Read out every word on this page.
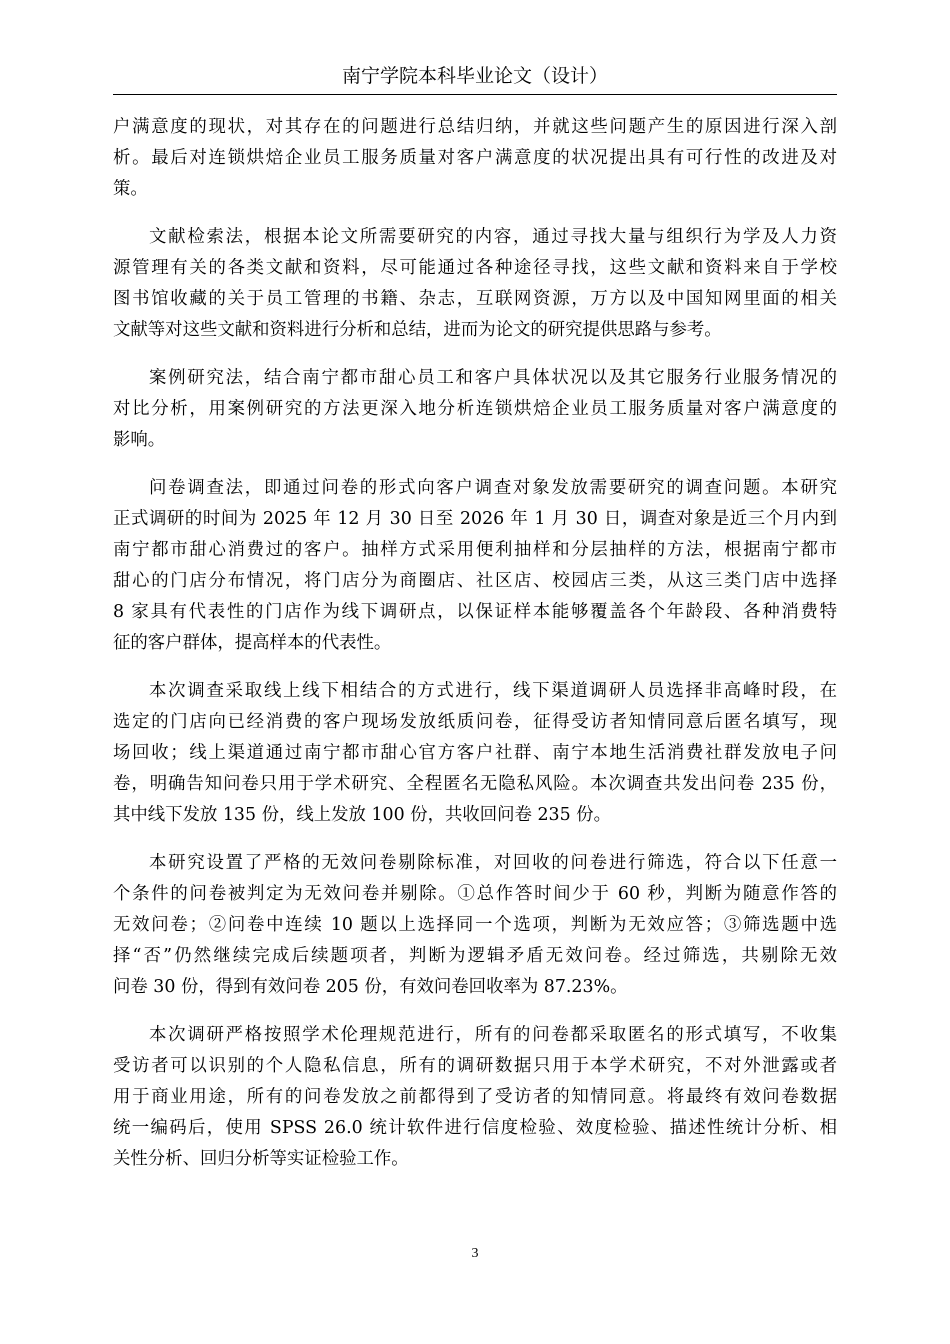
南宁学院本科毕业论文（设计）

户满意度的现状，对其存在的问题进行总结归纳，并就这些问题产生的原因进行深入剖
析。最后对连锁烘焙企业员工服务质量对客户满意度的状况提出具有可行性的改进及对
策。

文献检索法，根据本论文所需要研究的内容，通过寻找大量与组织行为学及人力资
源管理有关的各类文献和资料，尽可能通过各种途径寻找，这些文献和资料来自于学校
图书馆收藏的关于员工管理的书籍、杂志，互联网资源，万方以及中国知网里面的相关
文献等对这些文献和资料进行分析和总结，进而为论文的研究提供思路与参考。

案例研究法，结合南宁都市甜心员工和客户具体状况以及其它服务行业服务情况的
对比分析，用案例研究的方法更深入地分析连锁烘焙企业员工服务质量对客户满意度的
影响。

问卷调查法，即通过问卷的形式向客户调查对象发放需要研究的调查问题。本研究
正式调研的时间为 2025 年 12 月 30 日至 2026 年 1 月 30 日，调查对象是近三个月内到
南宁都市甜心消费过的客户。抽样方式采用便利抽样和分层抽样的方法，根据南宁都市
甜心的门店分布情况，将门店分为商圈店、社区店、校园店三类，从这三类门店中选择
8 家具有代表性的门店作为线下调研点，以保证样本能够覆盖各个年龄段、各种消费特
征的客户群体，提高样本的代表性。

本次调查采取线上线下相结合的方式进行，线下渠道调研人员选择非高峰时段，在
选定的门店向已经消费的客户现场发放纸质问卷，征得受访者知情同意后匿名填写，现
场回收；线上渠道通过南宁都市甜心官方客户社群、南宁本地生活消费社群发放电子问
卷，明确告知问卷只用于学术研究、全程匿名无隐私风险。本次调查共发出问卷 235 份，
其中线下发放 135 份，线上发放 100 份，共收回问卷 235 份。

本研究设置了严格的无效问卷剔除标准，对回收的问卷进行筛选，符合以下任意一
个条件的问卷被判定为无效问卷并剔除。①总作答时间少于 60 秒，判断为随意作答的
无效问卷；②问卷中连续 10 题以上选择同一个选项，判断为无效应答；③筛选题中选
择“否”仍然继续完成后续题项者，判断为逻辑矛盾无效问卷。经过筛选，共剔除无效
问卷 30 份，得到有效问卷 205 份，有效问卷回收率为 87.23%。

本次调研严格按照学术伦理规范进行，所有的问卷都采取匿名的形式填写，不收集
受访者可以识别的个人隐私信息，所有的调研数据只用于本学术研究，不对外泄露或者
用于商业用途，所有的问卷发放之前都得到了受访者的知情同意。将最终有效问卷数据
统一编码后，使用 SPSS 26.0 统计软件进行信度检验、效度检验、描述性统计分析、相
关性分析、回归分析等实证检验工作。

3
